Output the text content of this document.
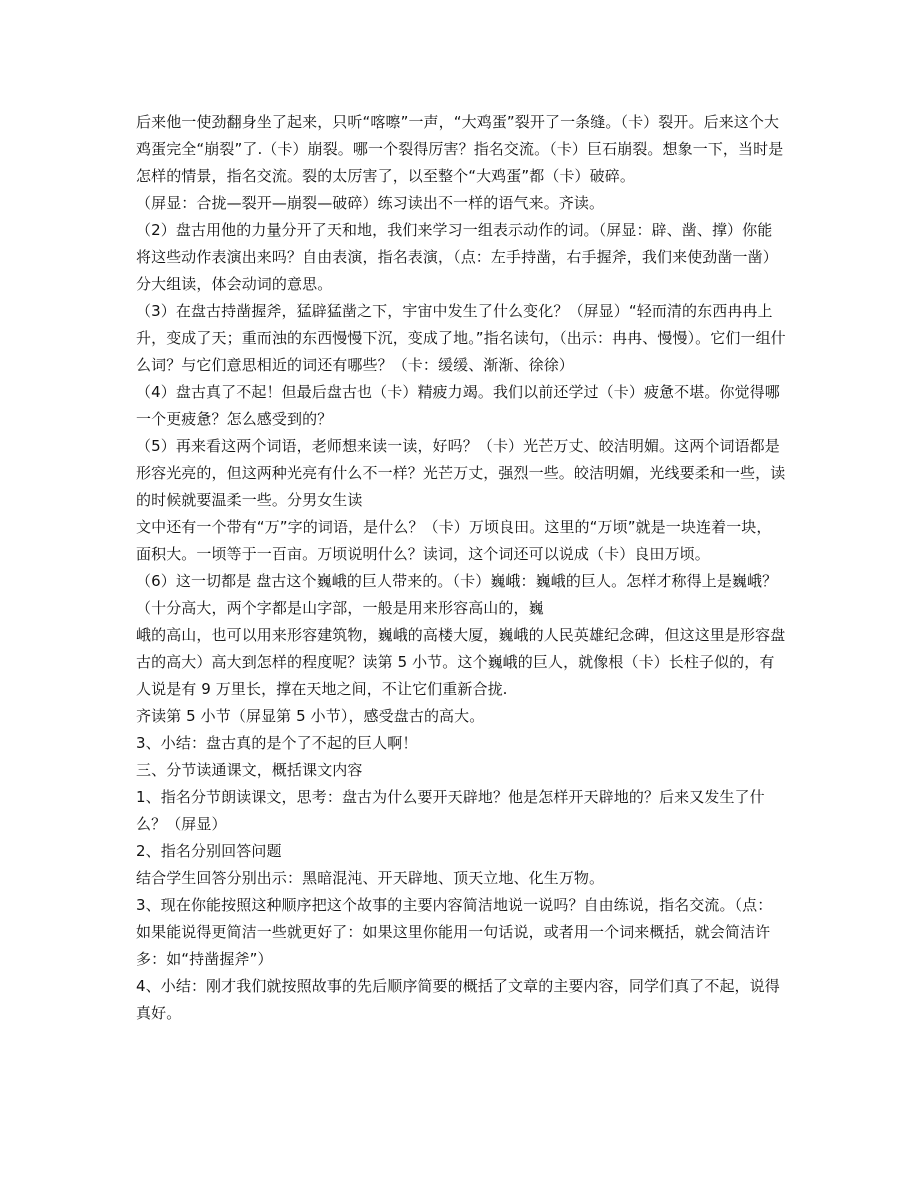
后来他一使劲翻身坐了起来，只听“喀嚓”一声，“大鸡蛋”裂开了一条缝。（卡）裂开。后来这个大鸡蛋完全“崩裂”了.（卡）崩裂。哪一个裂得厉害？指名交流。（卡）巨石崩裂。想象一下，当时是怎样的情景，指名交流。裂的太厉害了，以至整个“大鸡蛋”都（卡）破碎。

（屏显：合拢—裂开—崩裂—破碎）练习读出不一样的语气来。齐读。

（2）盘古用他的力量分开了天和地，我们来学习一组表示动作的词。（屏显：辟、凿、撑）你能将这些动作表演出来吗？自由表演，指名表演，（点：左手持凿，右手握斧，我们来使劲凿一凿）分大组读，体会动词的意思。

（3）在盘古持凿握斧，猛辟猛凿之下，宇宙中发生了什么变化？（屏显）“轻而清的东西冉冉上升，变成了天；重而浊的东西慢慢下沉，变成了地。”指名读句，（出示：冉冉、慢慢）。它们一组什么词？与它们意思相近的词还有哪些？（卡：缓缓、渐渐、徐徐）

（4）盘古真了不起！但最后盘古也（卡）精疲力竭。我们以前还学过（卡）疲惫不堪。你觉得哪一个更疲惫？怎么感受到的？

（5）再来看这两个词语，老师想来读一读，好吗？（卡）光芒万丈、皎洁明媚。这两个词语都是形容光亮的，但这两种光亮有什么不一样？光芒万丈，强烈一些。皎洁明媚，光线要柔和一些，读的时候就要温柔一些。分男女生读

文中还有一个带有“万”字的词语，是什么？（卡）万顷良田。这里的“万顷”就是一块连着一块，面积大。一顷等于一百亩。万顷说明什么？读词，这个词还可以说成（卡）良田万顷。

（6）这一切都是 盘古这个巍峨的巨人带来的。（卡）巍峨：巍峨的巨人。怎样才称得上是巍峨？（十分高大，两个字都是山字部，一般是用来形容高山的，巍

峨的高山，也可以用来形容建筑物，巍峨的高楼大厦，巍峨的人民英雄纪念碑，但这这里是形容盘古的高大）高大到怎样的程度呢？读第 5 小节。这个巍峨的巨人，就像根（卡）长柱子似的，有人说是有 9 万里长，撑在天地之间，不让它们重新合拢.

齐读第 5 小节（屏显第 5 小节），感受盘古的高大。

3、小结：盘古真的是个了不起的巨人啊！

三、分节读通课文，概括课文内容

1、指名分节朗读课文，思考：盘古为什么要开天辟地？他是怎样开天辟地的？后来又发生了什么？（屏显）

2、指名分别回答问题

结合学生回答分别出示：黑暗混沌、开天辟地、顶天立地、化生万物。

3、现在你能按照这种顺序把这个故事的主要内容简洁地说一说吗？自由练说，指名交流。（点：如果能说得更简洁一些就更好了：如果这里你能用一句话说，或者用一个词来概括，就会简洁许多：如“持凿握斧”）

4、小结：刚才我们就按照故事的先后顺序简要的概括了文章的主要内容，同学们真了不起，说得真好。
